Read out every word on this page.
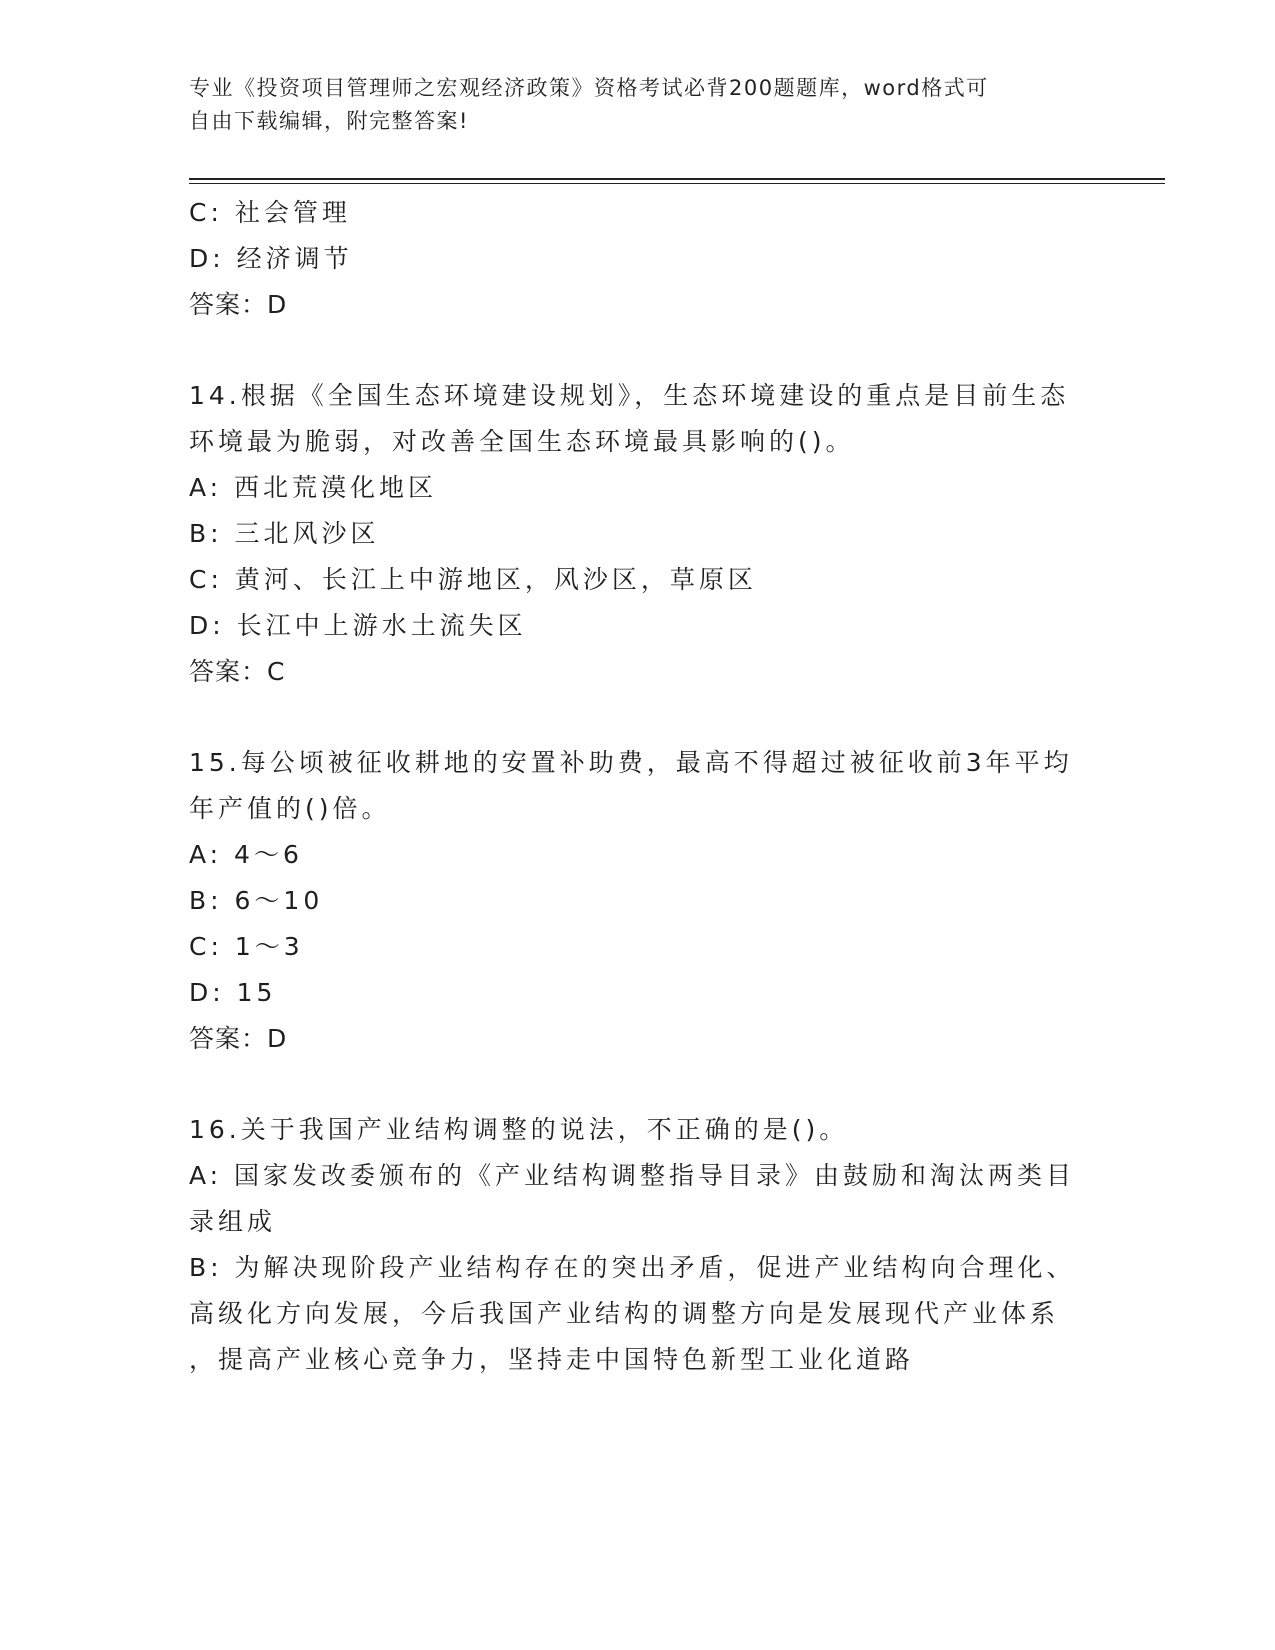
专业《投资项目管理师之宏观经济政策》资格考试必背200题题库，word格式可
自由下载编辑，附完整答案!
C: 社会管理
D: 经济调节
答案：D
14.根据《全国生态环境建设规划》，生态环境建设的重点是目前生态
环境最为脆弱，对改善全国生态环境最具影响的()。
A: 西北荒漠化地区
B: 三北风沙区
C: 黄河、长江上中游地区，风沙区，草原区
D: 长江中上游水土流失区
答案：C
15.每公顷被征收耕地的安置补助费，最高不得超过被征收前3年平均
年产值的()倍。
A: 4～6
B: 6～10
C: 1～3
D: 15
答案：D
16.关于我国产业结构调整的说法，不正确的是()。
A: 国家发改委颁布的《产业结构调整指导目录》由鼓励和淘汰两类目
录组成
B: 为解决现阶段产业结构存在的突出矛盾，促进产业结构向合理化、
高级化方向发展，今后我国产业结构的调整方向是发展现代产业体系
，提高产业核心竞争力，坚持走中国特色新型工业化道路
